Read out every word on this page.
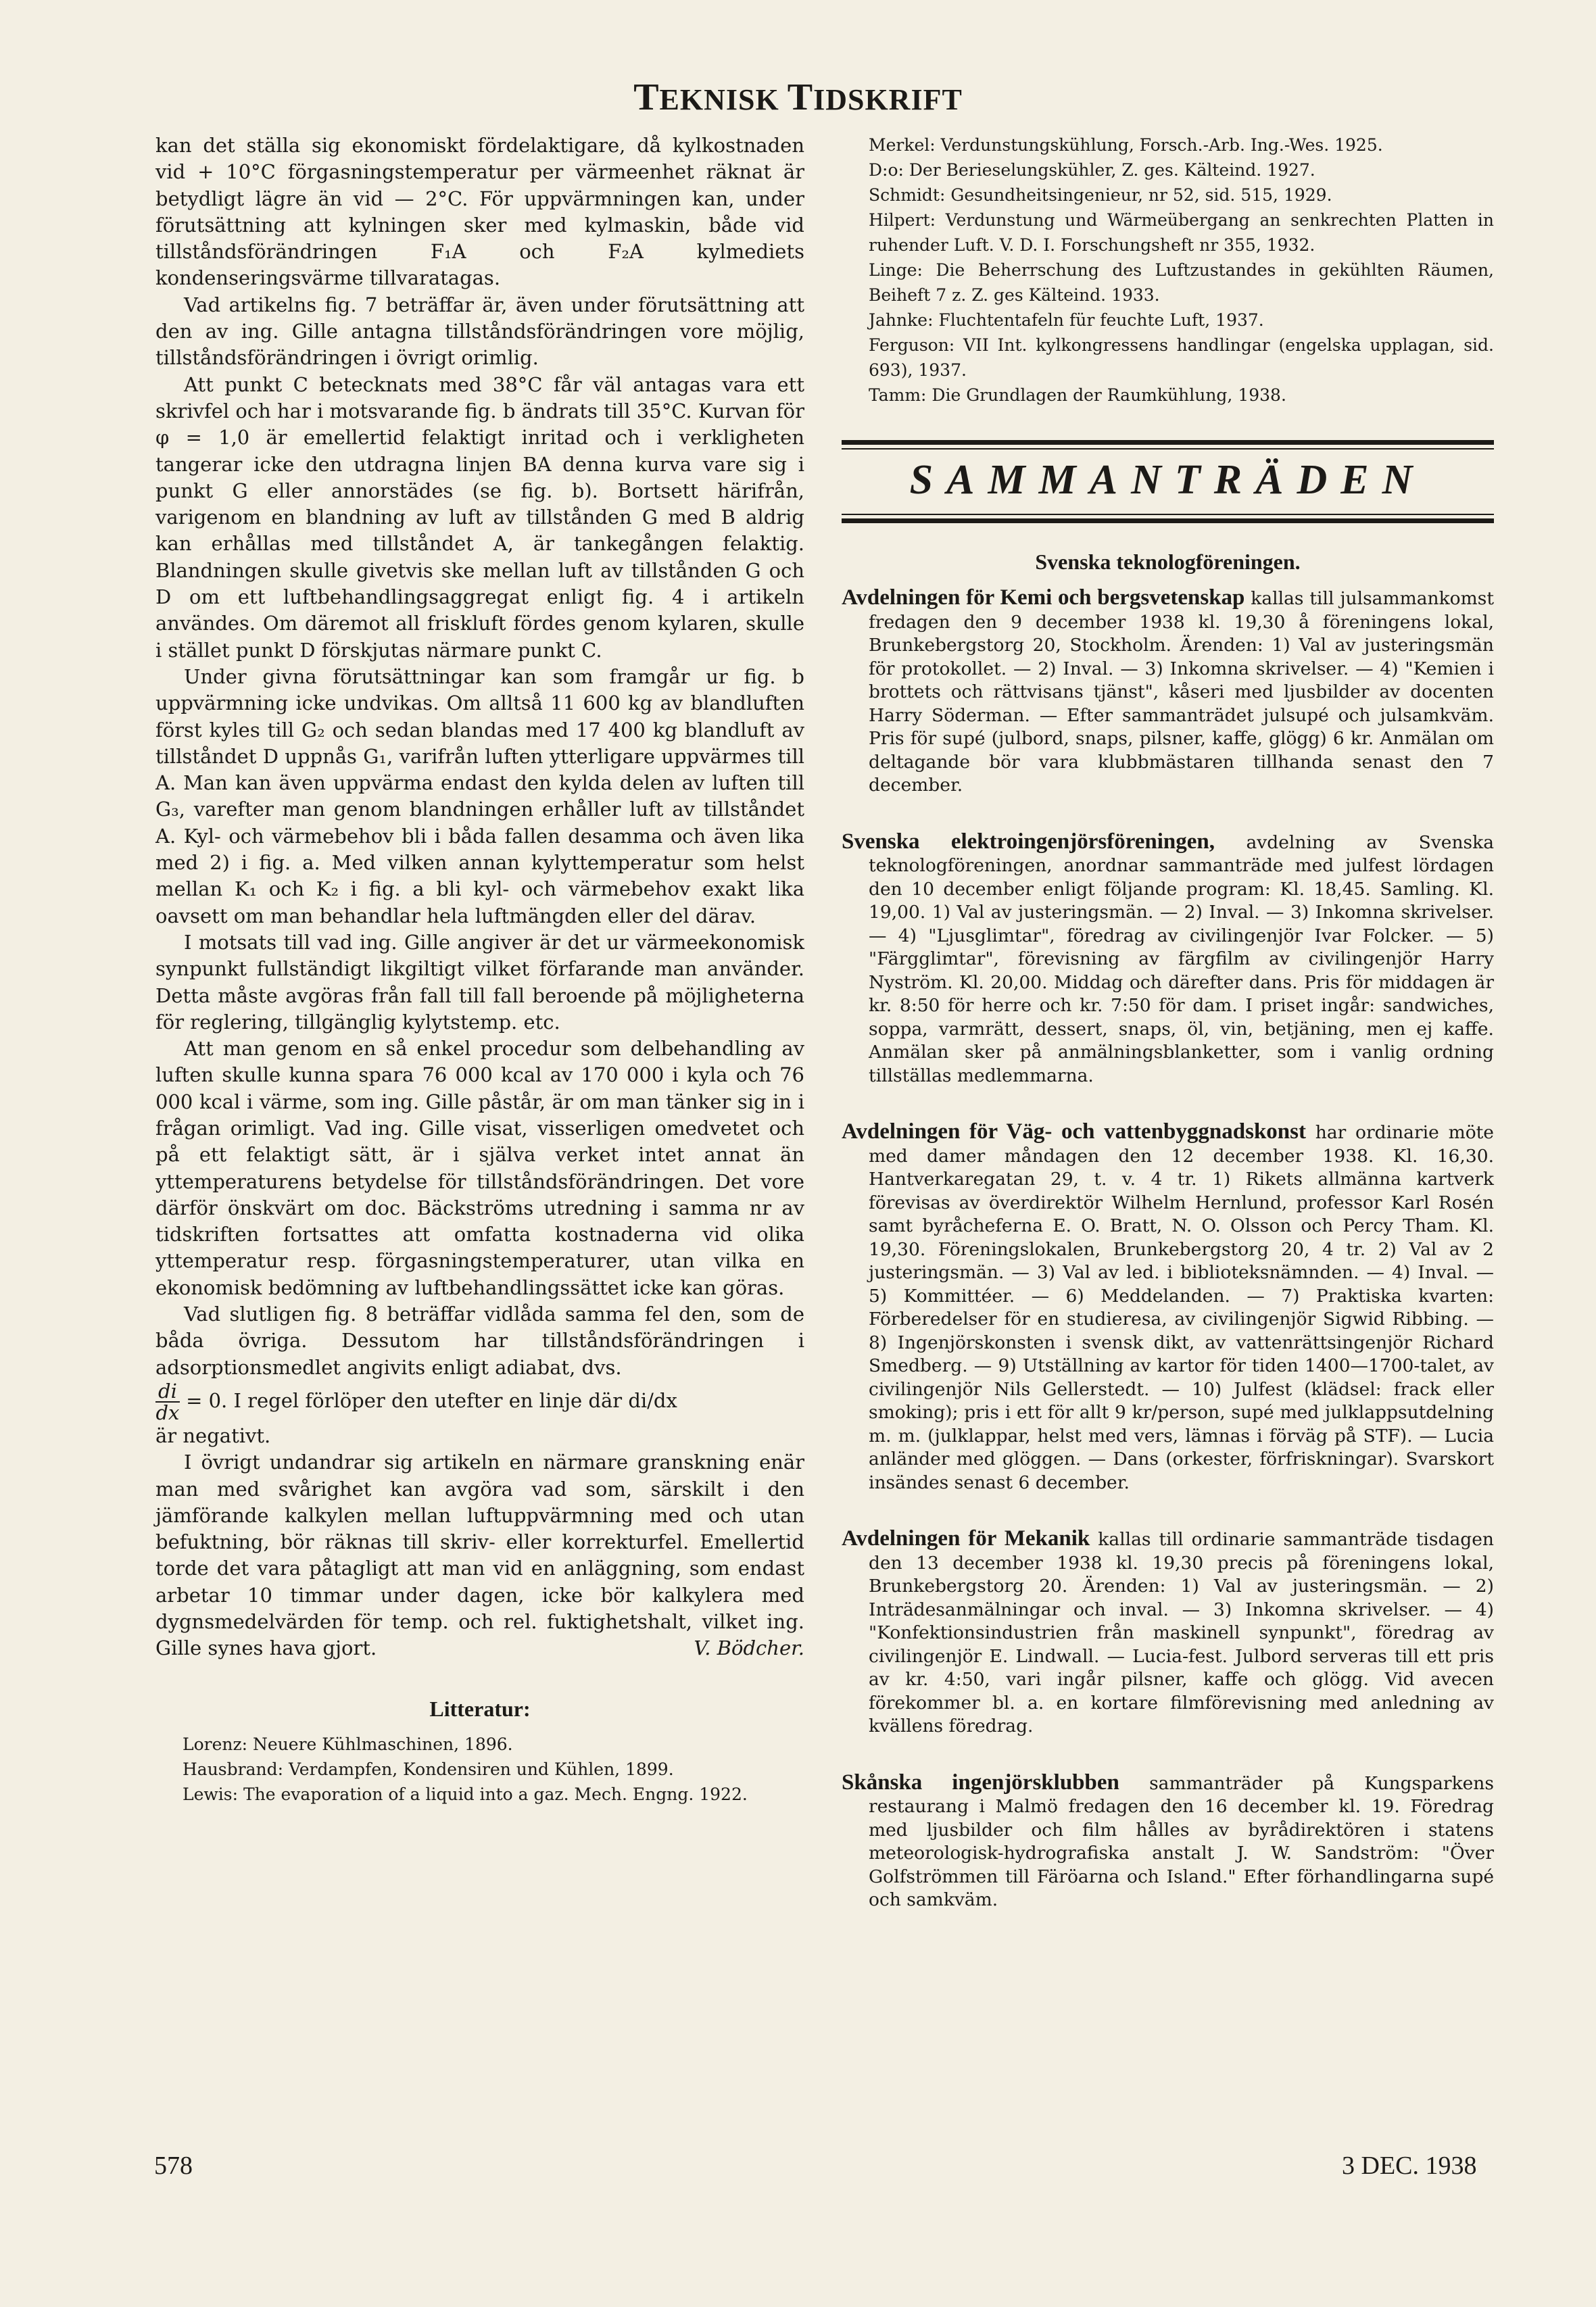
TEKNISK TIDSKRIFT

kan det ställa sig ekonomiskt fördelaktigare, då kylkostnaden vid + 10°C förgasningstemperatur per värmeenhet räknat är betydligt lägre än vid — 2°C. För uppvärmningen kan, under förutsättning att kylningen sker med kylmaskin, både vid tillståndsförändringen F₁A och F₂A kylmediets kondenseringsvärme tillvaratagas.

Vad artikelns fig. 7 beträffar är, även under förutsättning att den av ing. Gille antagna tillståndsförändringen vore möjlig, tillståndsförändringen i övrigt orimlig.

Att punkt C betecknats med 38°C får väl antagas vara ett skrivfel och har i motsvarande fig. b ändrats till 35°C. Kurvan för φ = 1,0 är emellertid felaktigt inritad och i verkligheten tangerar icke den utdragna linjen BA denna kurva vare sig i punkt G eller annorstädes (se fig. b). Bortsett härifrån, varigenom en blandning av luft av tillstånden G med B aldrig kan erhållas med tillståndet A, är tankegången felaktig. Blandningen skulle givetvis ske mellan luft av tillstånden G och D om ett luftbehandlingsaggregat enligt fig. 4 i artikeln användes. Om däremot all friskluft fördes genom kylaren, skulle i stället punkt D förskjutas närmare punkt C.

Under givna förutsättningar kan som framgår ur fig. b uppvärmning icke undvikas. Om alltså 11 600 kg av blandluften först kyles till G₂ och sedan blandas med 17 400 kg blandluft av tillståndet D uppnås G₁, varifrån luften ytterligare uppvärmes till A. Man kan även uppvärma endast den kylda delen av luften till G₃, varefter man genom blandningen erhåller luft av tillståndet A. Kyl- och värmebehov bli i båda fallen desamma och även lika med 2) i fig. a. Med vilken annan kylyttemperatur som helst mellan K₁ och K₂ i fig. a bli kyl- och värmebehov exakt lika oavsett om man behandlar hela luftmängden eller del därav.

I motsats till vad ing. Gille angiver är det ur värmeekonomisk synpunkt fullständigt likgiltigt vilket förfarande man använder. Detta måste avgöras från fall till fall beroende på möjligheterna för reglering, tillgänglig kylytstemp. etc.

Att man genom en så enkel procedur som delbehandling av luften skulle kunna spara 76 000 kcal av 170 000 i kyla och 76 000 kcal i värme, som ing. Gille påstår, är om man tänker sig in i frågan orimligt. Vad ing. Gille visat, visserligen omedvetet och på ett felaktigt sätt, är i själva verket intet annat än yttemperaturens betydelse för tillståndsförändringen. Det vore därför önskvärt om doc. Bäckströms utredning i samma nr av tidskriften fortsattes att omfatta kostnaderna vid olika yttemperatur resp. förgasningstemperaturer, utan vilka en ekonomisk bedömning av luftbehandlingssättet icke kan göras.

Vad slutligen fig. 8 beträffar vidlåda samma fel den, som de båda övriga. Dessutom har tillståndsförändringen i adsorptionsmedlet angivits enligt adiabat, dvs.

$\frac{di}{dx} = 0$. I regel förlöper den utefter en linje där di/dx

är negativt.

I övrigt undandrar sig artikeln en närmare granskning enär man med svårighet kan avgöra vad som, särskilt i den jämförande kalkylen mellan luftuppvärmning med och utan befuktning, bör räknas till skriv- eller korrekturfel. Emellertid torde det vara påtagligt att man vid en anläggning, som endast arbetar 10 timmar under dagen, icke bör kalkylera med dygnsmedelvärden för temp. och rel. fuktighetshalt, vilket ing. Gille synes hava gjort.	V. Bödcher.

Litteratur:

Lorenz: Neuere Kühlmaschinen, 1896.

Hausbrand: Verdampfen, Kondensiren und Kühlen, 1899.

Lewis: The evaporation of a liquid into a gaz. Mech. Engng. 1922.

Merkel: Verdunstungskühlung, Forsch.-Arb. Ing.-Wes. 1925.
D:o: Der Berieselungskühler, Z. ges. Kälteind. 1927.
Schmidt: Gesundheitsingenieur, nr 52, sid. 515, 1929.
Hilpert: Verdunstung und Wärmeübergang an senkrechten Platten in ruhender Luft. V. D. I. Forschungsheft nr 355, 1932.
Linge: Die Beherrschung des Luftzustandes in gekühlten Räumen, Beiheft 7 z. Z. ges Kälteind. 1933.
Jahnke: Fluchtentafeln für feuchte Luft, 1937.
Ferguson: VII Int. kylkongressens handlingar (engelska upplagan, sid. 693), 1937.
Tamm: Die Grundlagen der Raumkühlung, 1938.
SAMMANTRÄDEN
Svenska teknologföreningen.

Avdelningen för Kemi och bergsvetenskap kallas till julsammankomst fredagen den 9 december 1938 kl. 19,30 å föreningens lokal, Brunkebergstorg 20, Stockholm. Ärenden: 1) Val av justeringsmän för protokollet. — 2) Inval. — 3) Inkomna skrivelser. — 4) "Kemien i brottets och rättvisans tjänst", kåseri med ljusbilder av docenten Harry Söderman. — Efter sammanträdet julsupé och julsamkväm. Pris för supé (julbord, snaps, pilsner, kaffe, glögg) 6 kr. Anmälan om deltagande bör vara klubbmästaren tillhanda senast den 7 december.

Svenska elektroingenjörsföreningen, avdelning av Svenska teknologföreningen, anordnar sammanträde med julfest lördagen den 10 december enligt följande program: Kl. 18,45. Samling. Kl. 19,00. 1) Val av justeringsmän. — 2) Inval. — 3) Inkomna skrivelser. — 4) "Ljusglimtar", föredrag av civilingenjör Ivar Folcker. — 5) "Färgglimtar", förevisning av färgfilm av civilingenjör Harry Nyström. Kl. 20,00. Middag och därefter dans. Pris för middagen är kr. 8:50 för herre och kr. 7:50 för dam. I priset ingår: sandwiches, soppa, varmrätt, dessert, snaps, öl, vin, betjäning, men ej kaffe. Anmälan sker på anmälningsblanketter, som i vanlig ordning tillställas medlemmarna.

Avdelningen för Väg- och vattenbyggnadskonst har ordinarie möte med damer måndagen den 12 december 1938. Kl. 16,30. Hantverkaregatan 29, t. v. 4 tr. 1) Rikets allmänna kartverk förevisas av överdirektör Wilhelm Hernlund, professor Karl Rosén samt byråcheferna E. O. Bratt, N. O. Olsson och Percy Tham. Kl. 19,30. Föreningslokalen, Brunkebergstorg 20, 4 tr. 2) Val av 2 justeringsmän. — 3) Val av led. i biblioteksnämnden. — 4) Inval. — 5) Kommittéer. — 6) Meddelanden. — 7) Praktiska kvarten: Förberedelser för en studieresa, av civilingenjör Sigwid Ribbing. — 8) Ingenjörskonsten i svensk dikt, av vattenrättsingenjör Richard Smedberg. — 9) Utställning av kartor för tiden 1400—1700-talet, av civilingenjör Nils Gellerstedt. — 10) Julfest (klädsel: frack eller smoking); pris i ett för allt 9 kr/person, supé med julklappsutdelning m. m. (julklappar, helst med vers, lämnas i förväg på STF). — Lucia anländer med glöggen. — Dans (orkester, förfriskningar). Svarskort insändes senast 6 december.

Avdelningen för Mekanik kallas till ordinarie sammanträde tisdagen den 13 december 1938 kl. 19,30 precis på föreningens lokal, Brunkebergstorg 20. Ärenden: 1) Val av justeringsmän. — 2) Inträdesanmälningar och inval. — 3) Inkomna skrivelser. — 4) "Konfektionsindustrien från maskinell synpunkt", föredrag av civilingenjör E. Lindwall. — Lucia-fest. Julbord serveras till ett pris av kr. 4:50, vari ingår pilsner, kaffe och glögg. Vid avecen förekommer bl. a. en kortare filmförevisning med anledning av kvällens föredrag.

Skånska ingenjörsklubben sammanträder på Kungsparkens restaurang i Malmö fredagen den 16 december kl. 19. Föredrag med ljusbilder och film hålles av byrådirektören i statens meteorologisk-hydrografiska anstalt J. W. Sandström: "Över Golfströmmen till Färöarna och Island." Efter förhandlingarna supé och samkväm.

578	3 DEC. 1938
